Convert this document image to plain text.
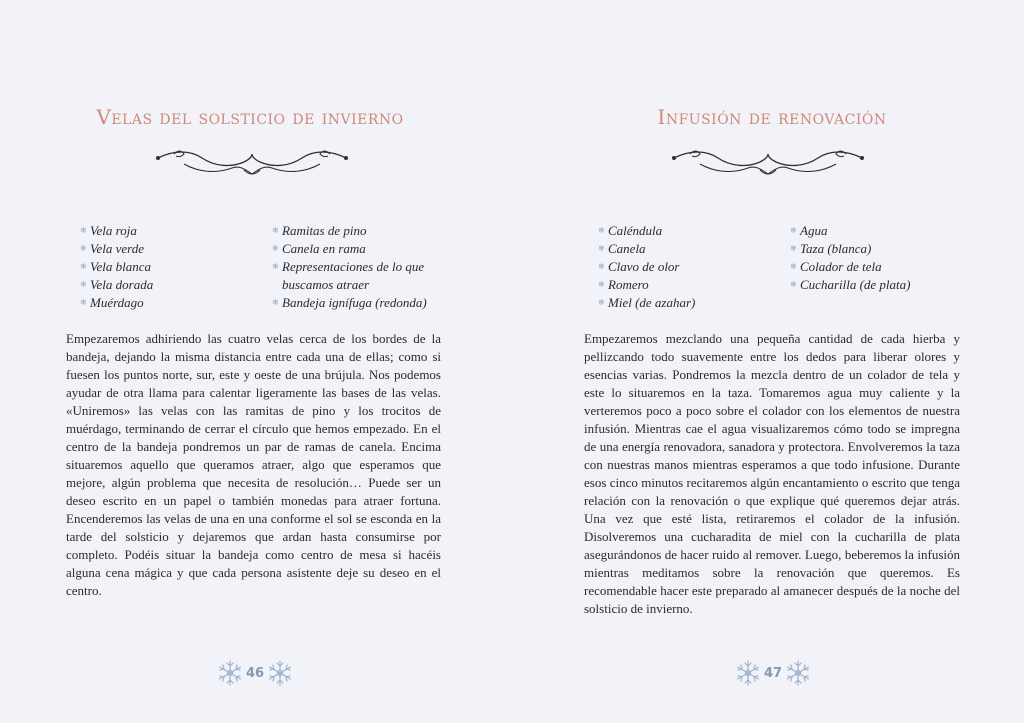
Velas del solsticio de invierno
❄ Vela roja
❄ Vela verde
❄ Vela blanca
❄ Vela dorada
❄ Muérdago
❄ Ramitas de pino
❄ Canela en rama
❄ Representaciones de lo que buscamos atraer
❄ Bandeja ignífuga (redonda)

Empezaremos adhiriendo las cuatro velas cerca de los bordes de la bandeja, dejando la misma distancia entre cada una de ellas; como si fuesen los puntos norte, sur, este y oeste de una brújula. Nos podemos ayudar de otra llama para calentar ligeramente las bases de las velas. «Uniremos» las velas con las ramitas de pino y los trocitos de muérdago, terminando de cerrar el círculo que hemos empezado. En el centro de la bandeja pondremos un par de ramas de canela. Encima situaremos aquello que queramos atraer, algo que esperamos que mejore, algún problema que necesita de resolución… Puede ser un deseo escrito en un papel o también monedas para atraer fortuna. Encenderemos las velas de una en una conforme el sol se esconda en la tarde del solsticio y dejaremos que ardan hasta consumirse por completo. Podéis situar la bandeja como centro de mesa si hacéis alguna cena mágica y que cada persona asistente deje su deseo en el centro.

46
Infusión de renovación
❄ Caléndula
❄ Canela
❄ Clavo de olor
❄ Romero
❄ Miel (de azahar)
❄ Agua
❄ Taza (blanca)
❄ Colador de tela
❄ Cucharilla (de plata)

Empezaremos mezclando una pequeña cantidad de cada hierba y pellizcando todo suavemente entre los dedos para liberar olores y esencias varias. Pondremos la mezcla dentro de un colador de tela y este lo situaremos en la taza. Tomaremos agua muy caliente y la verteremos poco a poco sobre el colador con los elementos de nuestra infusión. Mientras cae el agua visualizaremos cómo todo se impregna de una energía renovadora, sanadora y protectora. Envolveremos la taza con nuestras manos mientras esperamos a que todo infusione. Durante esos cinco minutos recitaremos algún encantamiento o escrito que tenga relación con la renovación o que explique qué queremos dejar atrás. Una vez que esté lista, retiraremos el colador de la infusión. Disolveremos una cucharadita de miel con la cucharilla de plata asegurándonos de hacer ruido al remover. Luego, beberemos la infusión mientras meditamos sobre la renovación que queremos. Es recomendable hacer este preparado al amanecer después de la noche del solsticio de invierno.

47
